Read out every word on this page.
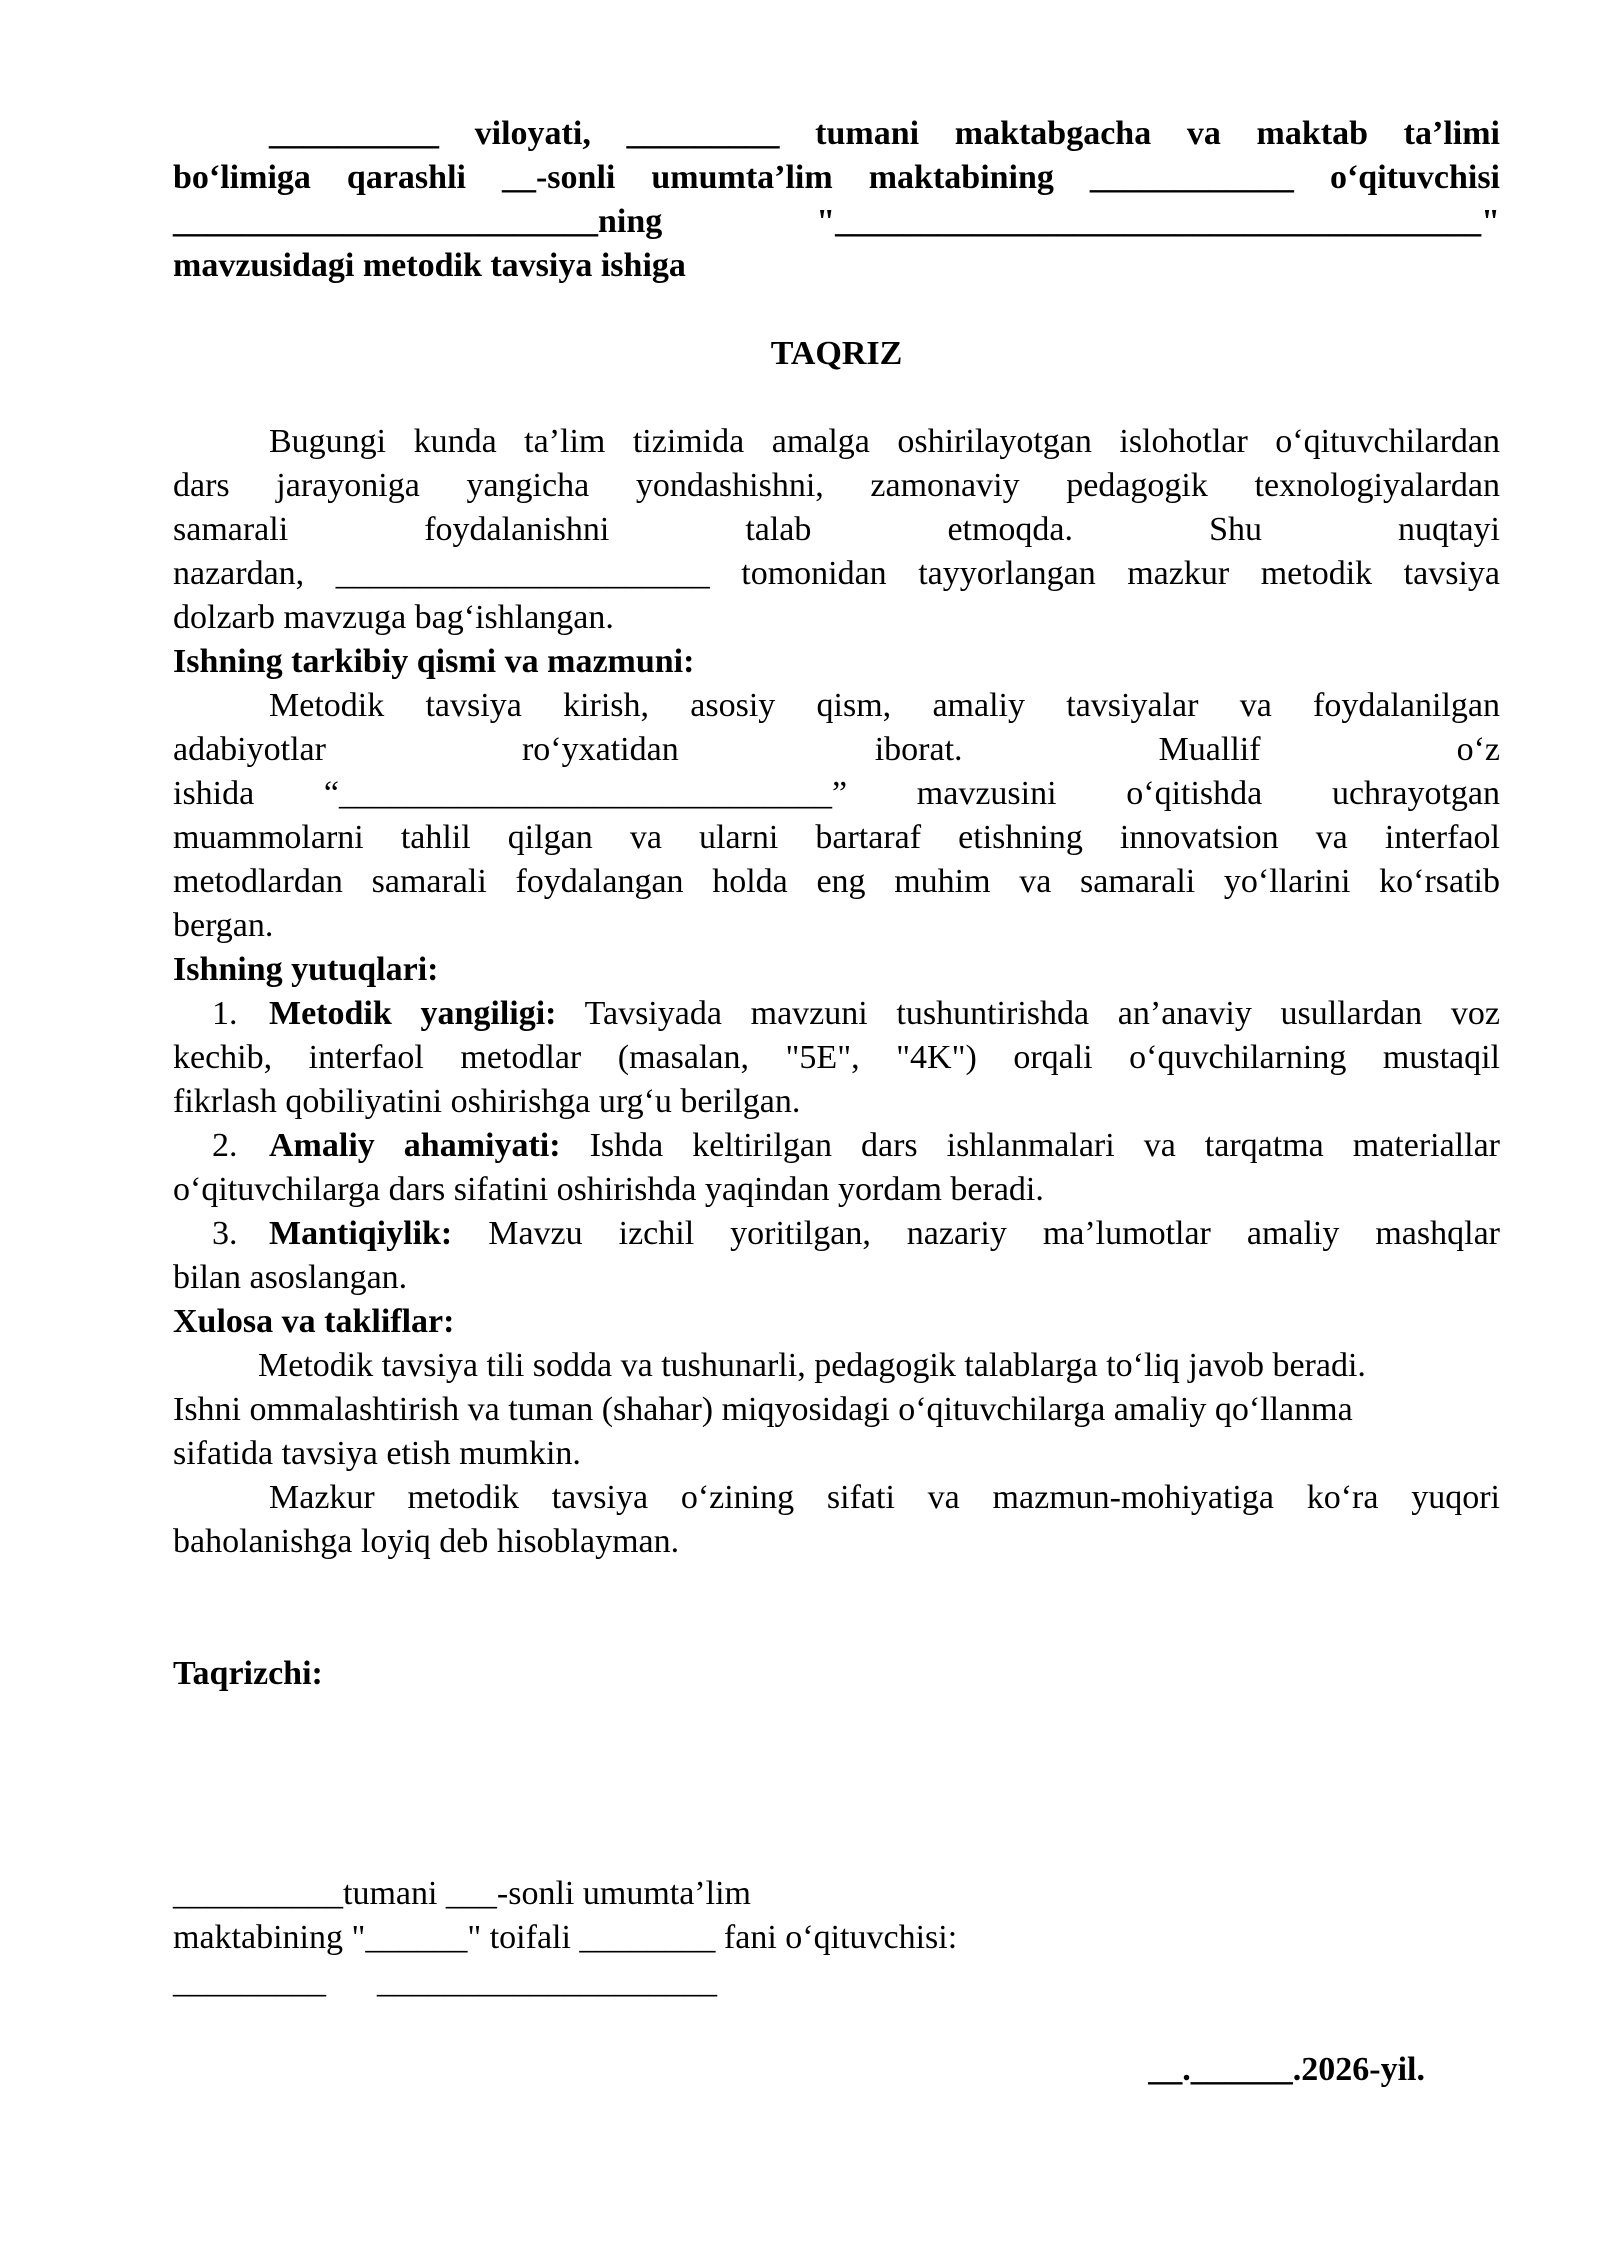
__________ viloyati, _________ tumani maktabgacha va maktab ta’limi

bo‘limiga qarashli __-sonli umumta’lim maktabining ____________ o‘qituvchisi

_________________________ning "______________________________________"

mavzusidagi metodik tavsiya ishiga

TAQRIZ

Bugungi kunda ta’lim tizimida amalga oshirilayotgan islohotlar o‘qituvchilardan

dars jarayoniga yangicha yondashishni, zamonaviy pedagogik texnologiyalardan

samarali foydalanishni talab etmoqda. Shu nuqtayi

nazardan, ______________________ tomonidan tayyorlangan mazkur metodik tavsiya

dolzarb mavzuga bag‘ishlangan.

Ishning tarkibiy qismi va mazmuni:

Metodik tavsiya kirish, asosiy qism, amaliy tavsiyalar va foydalanilgan

adabiyotlar ro‘yxatidan iborat. Muallif o‘z

ishida “_____________________________” mavzusini o‘qitishda uchrayotgan

muammolarni tahlil qilgan va ularni bartaraf etishning innovatsion va interfaol

metodlardan samarali foydalangan holda eng muhim va samarali yo‘llarini ko‘rsatib

bergan.

Ishning yutuqlari:

1. Metodik yangiligi: Tavsiyada mavzuni tushuntirishda an’anaviy usullardan voz

kechib, interfaol metodlar (masalan, "5E", "4K") orqali o‘quvchilarning mustaqil

fikrlash qobiliyatini oshirishga urg‘u berilgan.

2. Amaliy ahamiyati: Ishda keltirilgan dars ishlanmalari va tarqatma materiallar

o‘qituvchilarga dars sifatini oshirishda yaqindan yordam beradi.

3. Mantiqiylik: Mavzu izchil yoritilgan, nazariy ma’lumotlar amaliy mashqlar

bilan asoslangan.

Xulosa va takliflar:

Metodik tavsiya tili sodda va tushunarli, pedagogik talablarga to‘liq javob beradi.

Ishni ommalashtirish va tuman (shahar) miqyosidagi o‘qituvchilarga amaliy qo‘llanma

sifatida tavsiya etish mumkin.

Mazkur metodik tavsiya o‘zining sifati va mazmun-mohiyatiga ko‘ra yuqori

baholanishga loyiq deb hisoblayman.

Taqrizchi:

__________tumani ___-sonli umumta’lim

maktabining "______" toifali ________ fani o‘qituvchisi:

_________      ____________________

__.______.2026-yil.
